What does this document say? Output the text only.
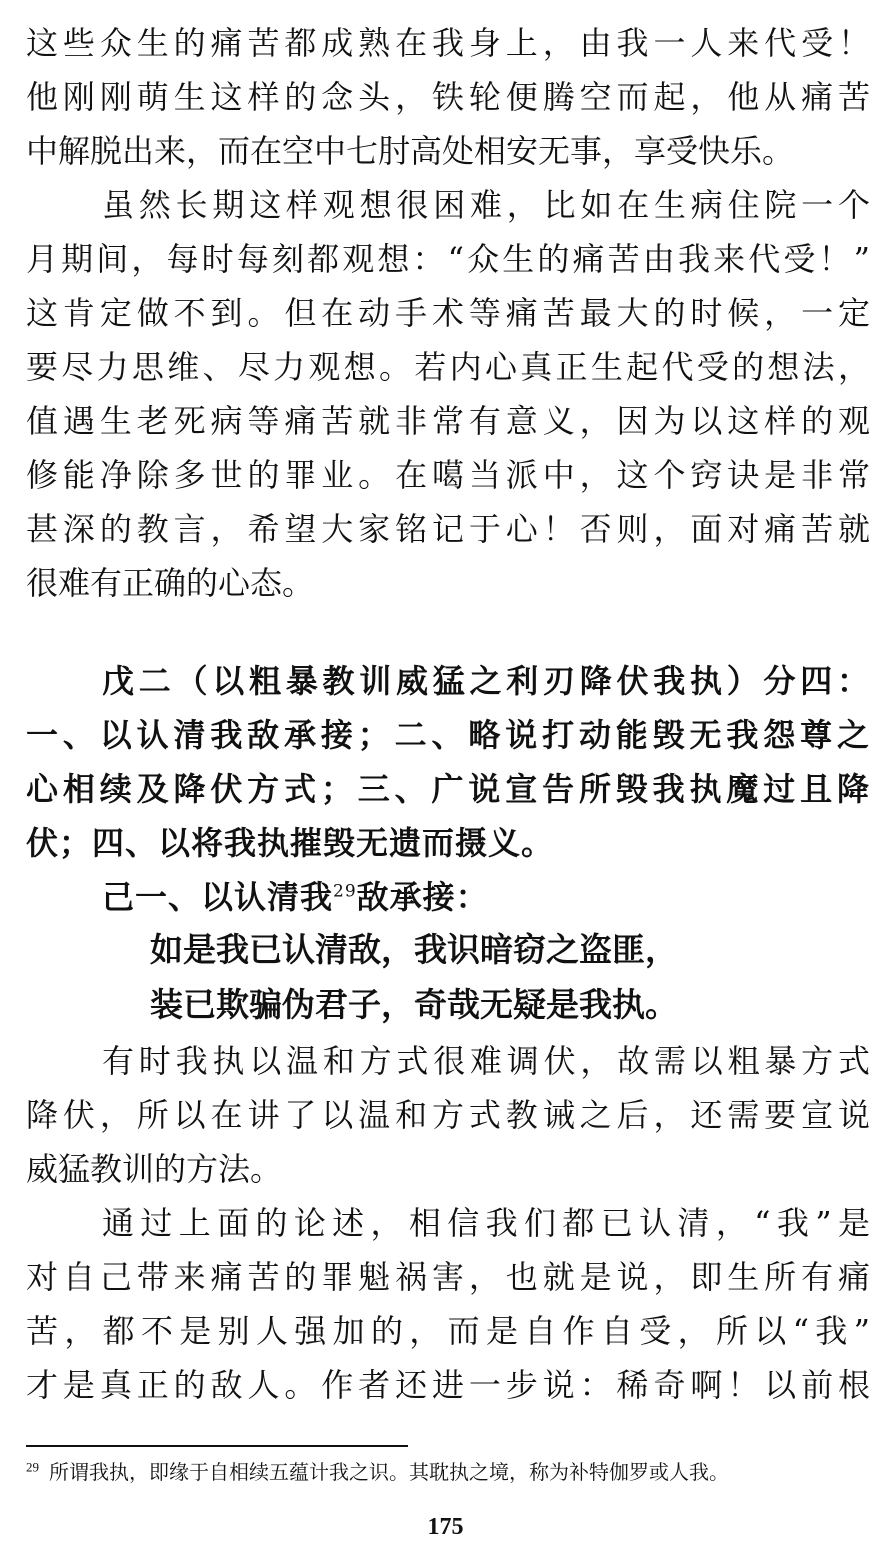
这些众生的痛苦都成熟在我身上，由我一人来代受！
他刚刚萌生这样的念头，铁轮便腾空而起，他从痛苦
中解脱出来，而在空中七肘高处相安无事，享受快乐。
虽然长期这样观想很困难，比如在生病住院一个
月期间，每时每刻都观想：“众生的痛苦由我来代受！”
这肯定做不到。但在动手术等痛苦最大的时候，一定
要尽力思维、尽力观想。若内心真正生起代受的想法，
值遇生老死病等痛苦就非常有意义，因为以这样的观
修能净除多世的罪业。在噶当派中，这个窍诀是非常
甚深的教言，希望大家铭记于心！否则，面对痛苦就
很难有正确的心态。
戊二（以粗暴教训威猛之利刃降伏我执）分四：
一、以认清我敌承接；二、略说打动能毁无我怨尊之
心相续及降伏方式；三、广说宣告所毁我执魔过且降
伏；四、以将我执摧毁无遗而摄义。
己一、以认清我$^{29}$敌承接：
如是我已认清敌，我识暗窃之盗匪，
装已欺骗伪君子，奇哉无疑是我执。
有时我执以温和方式很难调伏，故需以粗暴方式
降伏，所以在讲了以温和方式教诫之后，还需要宣说
威猛教训的方法。
通过上面的论述，相信我们都已认清，“我”是
对自己带来痛苦的罪魁祸害，也就是说，即生所有痛
苦，都不是别人强加的，而是自作自受，所以“我”
才是真正的敌人。作者还进一步说：稀奇啊！以前根
$^{29}$ 所谓我执，即缘于自相续五蕴计我之识。其耽执之境，称为补特伽罗或人我。
175
